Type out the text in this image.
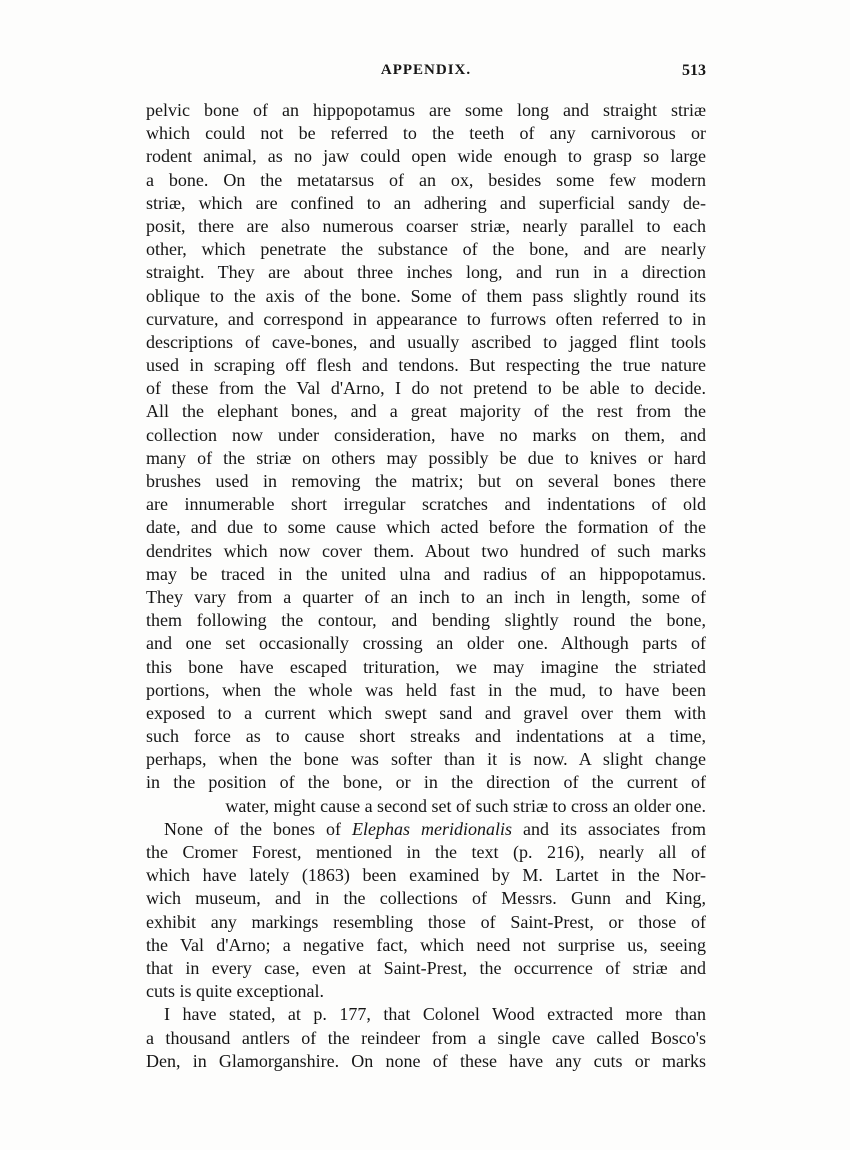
APPENDIX.	513
pelvic bone of an hippopotamus are some long and straight striæ
which could not be referred to the teeth of any carnivorous or
rodent animal, as no jaw could open wide enough to grasp so large
a bone. On the metatarsus of an ox, besides some few modern
striæ, which are confined to an adhering and superficial sandy de-
posit, there are also numerous coarser striæ, nearly parallel to each
other, which penetrate the substance of the bone, and are nearly
straight. They are about three inches long, and run in a direction
oblique to the axis of the bone. Some of them pass slightly round its
curvature, and correspond in appearance to furrows often referred to in
descriptions of cave-bones, and usually ascribed to jagged flint tools
used in scraping off flesh and tendons. But respecting the true nature
of these from the Val d'Arno, I do not pretend to be able to decide.
All the elephant bones, and a great majority of the rest from the
collection now under consideration, have no marks on them, and
many of the striæ on others may possibly be due to knives or hard
brushes used in removing the matrix; but on several bones there
are innumerable short irregular scratches and indentations of old
date, and due to some cause which acted before the formation of the
dendrites which now cover them. About two hundred of such marks
may be traced in the united ulna and radius of an hippopotamus.
They vary from a quarter of an inch to an inch in length, some of
them following the contour, and bending slightly round the bone,
and one set occasionally crossing an older one. Although parts of
this bone have escaped trituration, we may imagine the striated
portions, when the whole was held fast in the mud, to have been
exposed to a current which swept sand and gravel over them with
such force as to cause short streaks and indentations at a time,
perhaps, when the bone was softer than it is now. A slight change
in the position of the bone, or in the direction of the current of
water, might cause a second set of such striæ to cross an older one.
None of the bones of Elephas meridionalis and its associates from
the Cromer Forest, mentioned in the text (p. 216), nearly all of
which have lately (1863) been examined by M. Lartet in the Nor-
wich museum, and in the collections of Messrs. Gunn and King,
exhibit any markings resembling those of Saint-Prest, or those of
the Val d'Arno; a negative fact, which need not surprise us, seeing
that in every case, even at Saint-Prest, the occurrence of striæ and
cuts is quite exceptional.
I have stated, at p. 177, that Colonel Wood extracted more than
a thousand antlers of the reindeer from a single cave called Bosco's
Den, in Glamorganshire. On none of these have any cuts or marks
